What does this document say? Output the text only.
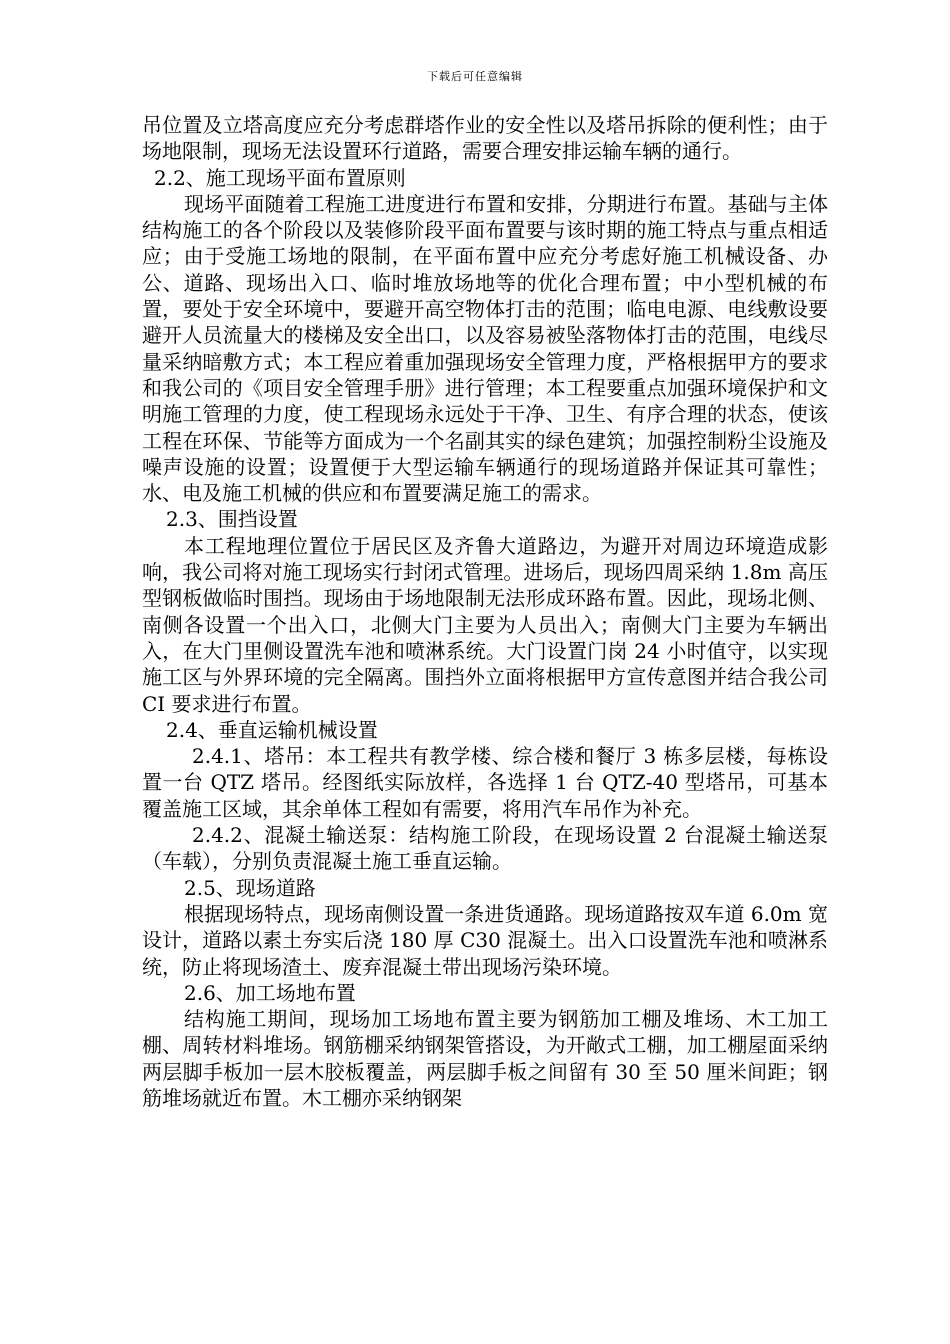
下载后可任意编辑

吊位置及立塔高度应充分考虑群塔作业的安全性以及塔吊拆除的便利性；由于场地限制，现场无法设置环行道路，需要合理安排运输车辆的通行。

2.2、施工现场平面布置原则

现场平面随着工程施工进度进行布置和安排，分期进行布置。基础与主体结构施工的各个阶段以及装修阶段平面布置要与该时期的施工特点与重点相适应；由于受施工场地的限制，在平面布置中应充分考虑好施工机械设备、办公、道路、现场出入口、临时堆放场地等的优化合理布置；中小型机械的布置，要处于安全环境中，要避开高空物体打击的范围；临电电源、电线敷设要避开人员流量大的楼梯及安全出口，以及容易被坠落物体打击的范围，电线尽量采纳暗敷方式；本工程应着重加强现场安全管理力度，严格根据甲方的要求和我公司的《项目安全管理手册》进行管理；本工程要重点加强环境保护和文明施工管理的力度，使工程现场永远处于干净、卫生、有序合理的状态，使该工程在环保、节能等方面成为一个名副其实的绿色建筑；加强控制粉尘设施及噪声设施的设置；设置便于大型运输车辆通行的现场道路并保证其可靠性；水、电及施工机械的供应和布置要满足施工的需求。

2.3、围挡设置

本工程地理位置位于居民区及齐鲁大道路边，为避开对周边环境造成影响，我公司将对施工现场实行封闭式管理。进场后，现场四周采纳 1.8m 高压型钢板做临时围挡。现场由于场地限制无法形成环路布置。因此，现场北侧、南侧各设置一个出入口，北侧大门主要为人员出入；南侧大门主要为车辆出入，在大门里侧设置洗车池和喷淋系统。大门设置门岗 24 小时值守，以实现施工区与外界环境的完全隔离。围挡外立面将根据甲方宣传意图并结合我公司 CI 要求进行布置。

2.4、垂直运输机械设置

2.4.1、塔吊：本工程共有教学楼、综合楼和餐厅 3 栋多层楼，每栋设置一台 QTZ 塔吊。经图纸实际放样，各选择 1 台 QTZ-40 型塔吊，可基本覆盖施工区域，其余单体工程如有需要，将用汽车吊作为补充。

2.4.2、混凝土输送泵：结构施工阶段，在现场设置 2 台混凝土输送泵（车载），分别负责混凝土施工垂直运输。

2.5、现场道路

根据现场特点，现场南侧设置一条进货通路。现场道路按双车道 6.0m 宽设计，道路以素土夯实后浇 180 厚 C30 混凝土。出入口设置洗车池和喷淋系统，防止将现场渣土、废弃混凝土带出现场污染环境。

2.6、加工场地布置

结构施工期间，现场加工场地布置主要为钢筋加工棚及堆场、木工加工棚、周转材料堆场。钢筋棚采纳钢架管搭设，为开敞式工棚，加工棚屋面采纳两层脚手板加一层木胶板覆盖，两层脚手板之间留有 30 至 50 厘米间距；钢筋堆场就近布置。木工棚亦采纳钢架
